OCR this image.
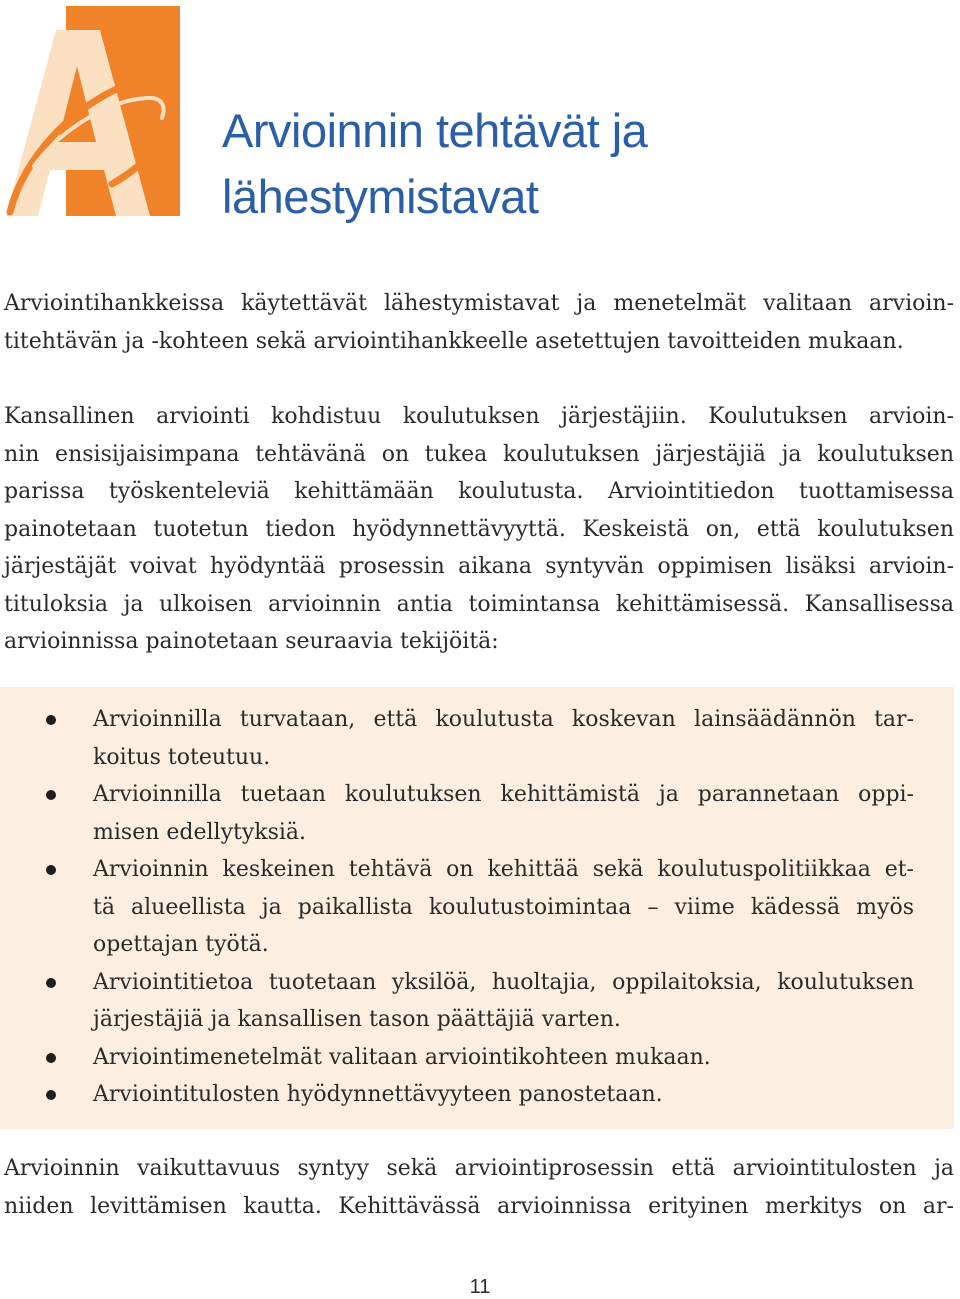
Arvioinnin tehtävät ja
lähestymistavat

Arviointihankkeissa käytettävät lähestymistavat ja menetelmät valitaan arvioin-
titehtävän ja -kohteen sekä arviointihankkeelle asetettujen tavoitteiden mukaan.

Kansallinen arviointi kohdistuu koulutuksen järjestäjiin. Koulutuksen arvioin-
nin ensisijaisimpana tehtävänä on tukea koulutuksen järjestäjiä ja koulutuksen
parissa työskenteleviä kehittämään koulutusta. Arviointitiedon tuottamisessa
painotetaan tuotetun tiedon hyödynnettävyyttä. Keskeistä on, että koulutuksen
järjestäjät voivat hyödyntää prosessin aikana syntyvän oppimisen lisäksi arvioin-
tituloksia ja ulkoisen arvioinnin antia toimintansa kehittämisessä. Kansallisessa
arvioinnissa painotetaan seuraavia tekijöitä:

Arvioinnilla turvataan, että koulutusta koskevan lainsäädännön tar-
koitus toteutuu.
Arvioinnilla tuetaan koulutuksen kehittämistä ja parannetaan oppi-
misen edellytyksiä.
Arvioinnin keskeinen tehtävä on kehittää sekä koulutuspolitiikkaa et-
tä alueellista ja paikallista koulutustoimintaa – viime kädessä myös
opettajan työtä.
Arviointitietoa tuotetaan yksilöä, huoltajia, oppilaitoksia, koulutuksen
järjestäjiä ja kansallisen tason päättäjiä varten.
Arviointimenetelmät valitaan arviointikohteen mukaan.
Arviointitulosten hyödynnettävyyteen panostetaan.

Arvioinnin vaikuttavuus syntyy sekä arviointiprosessin että arviointitulosten ja
niiden levittämisen kautta. Kehittävässä arvioinnissa erityinen merkitys on ar-

11
